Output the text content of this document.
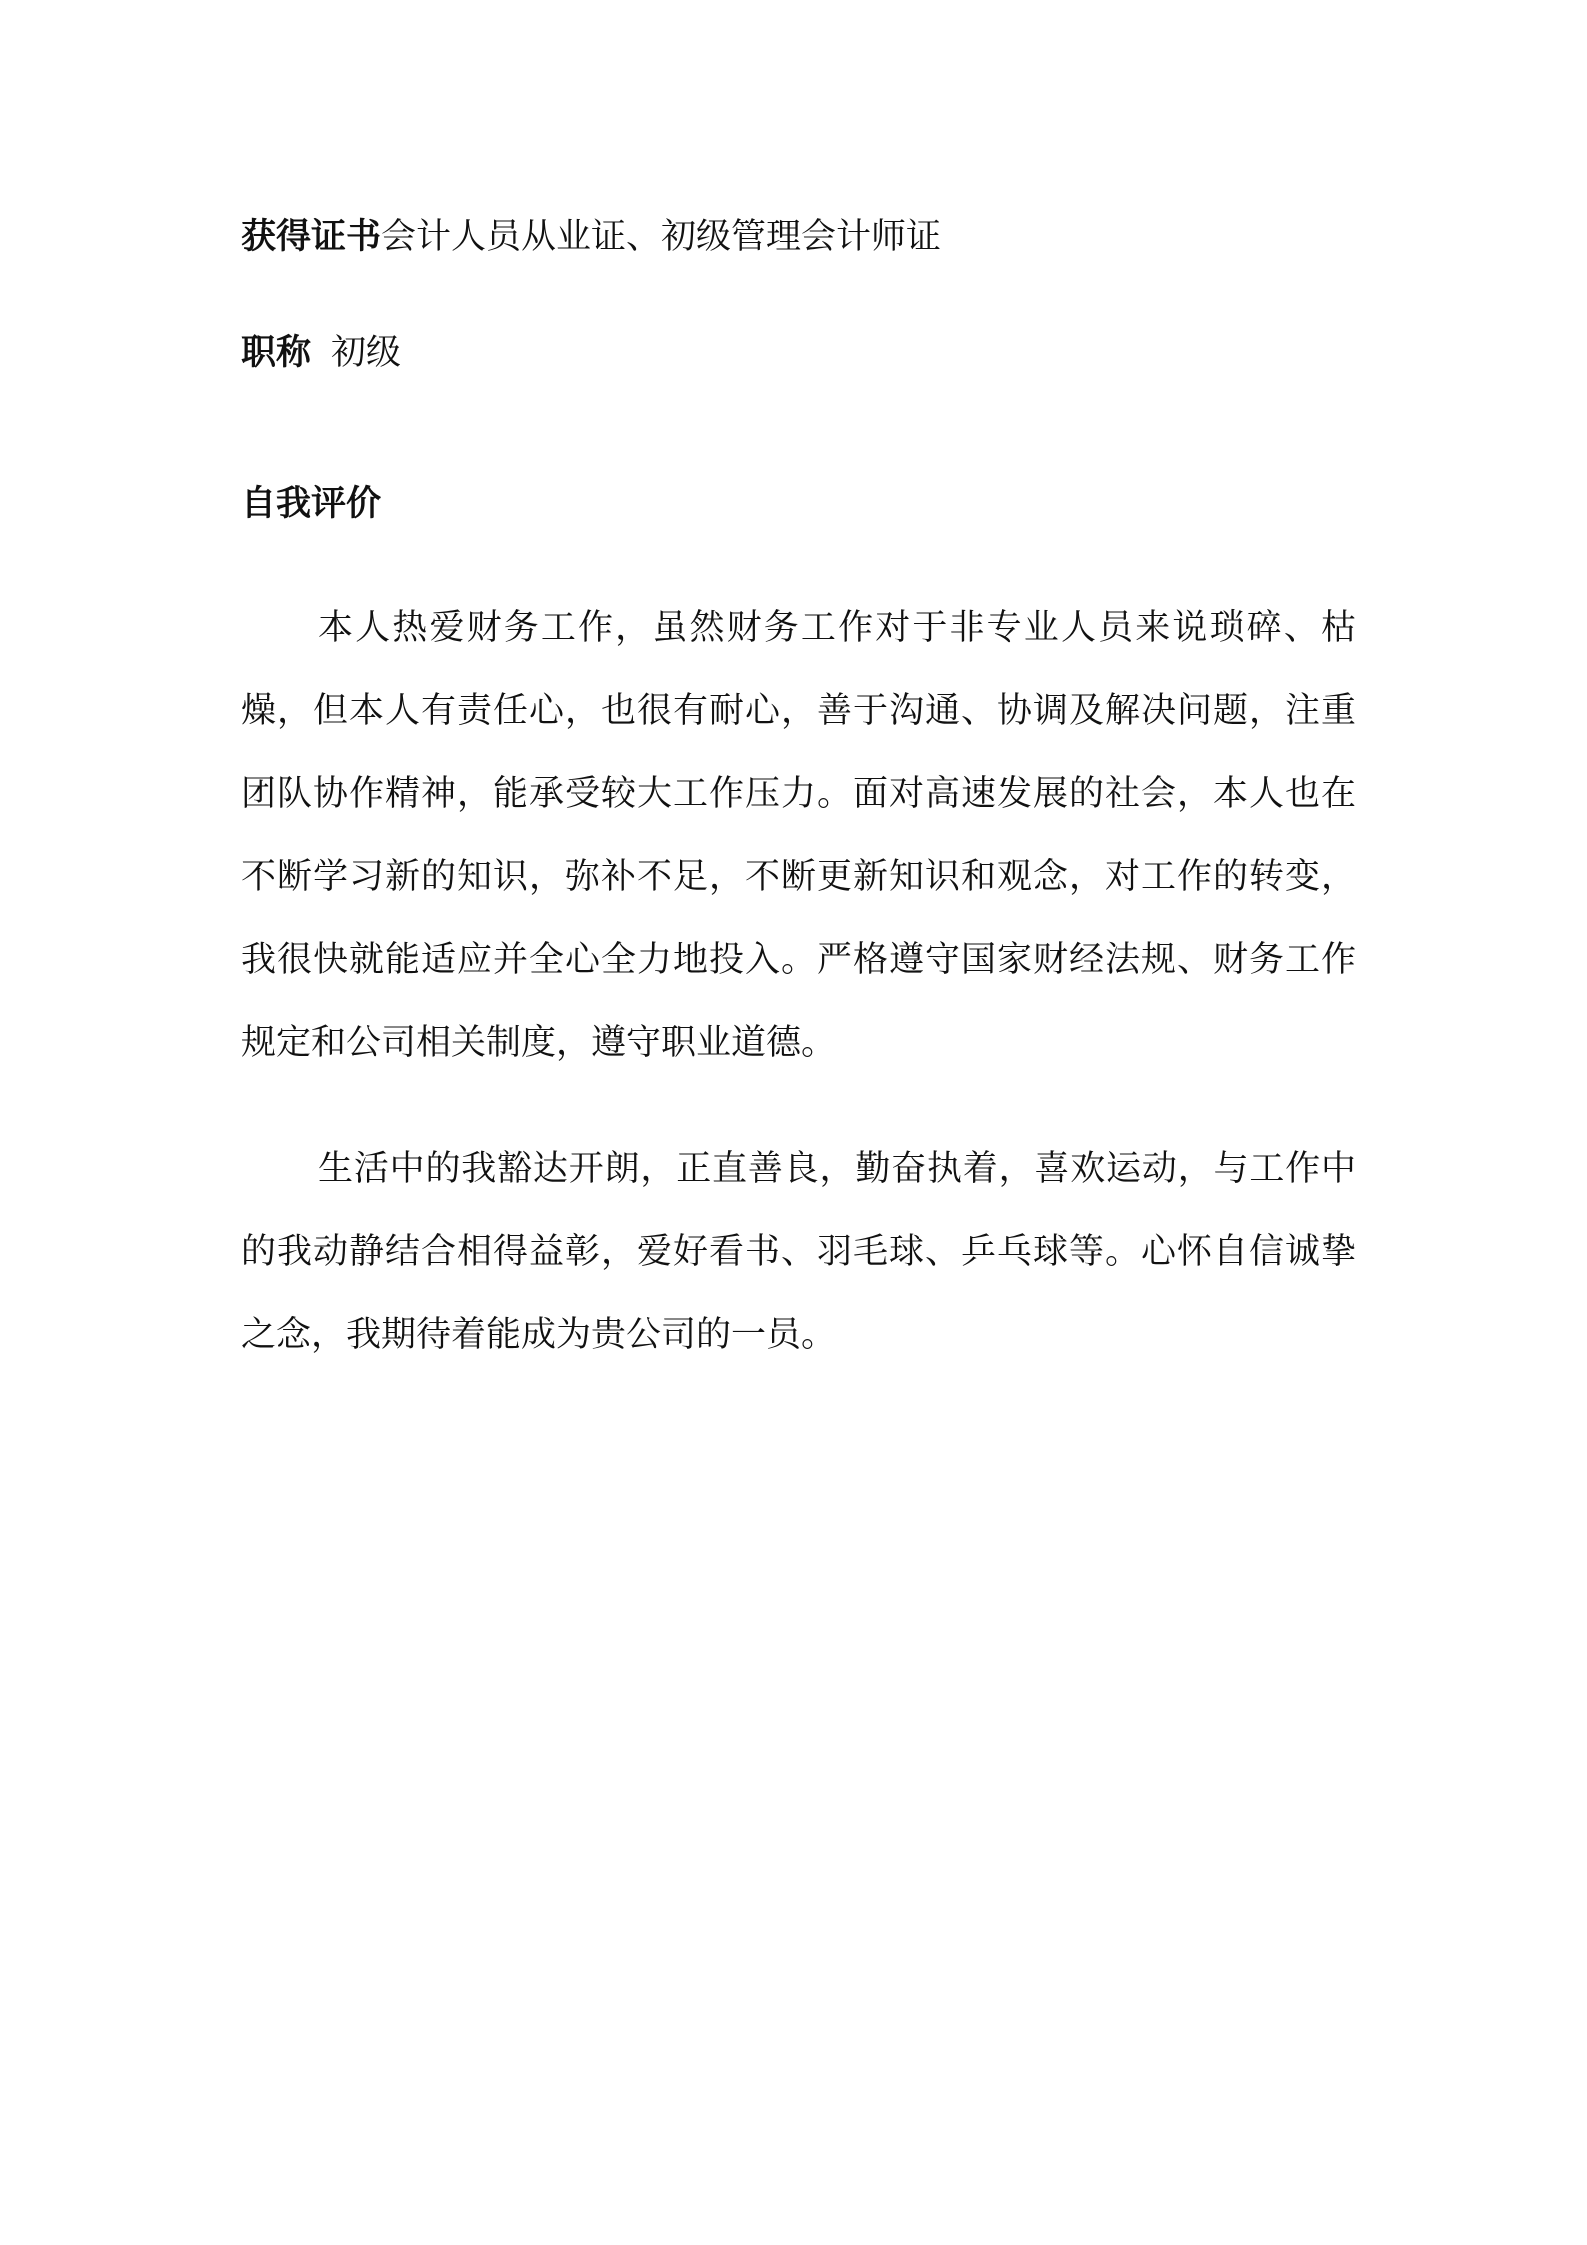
获得证书会计人员从业证、初级管理会计师证
职称 初级
自我评价

本人热爱财务工作，虽然财务工作对于非专业人员来说琐碎、枯燥，但本人有责任心，也很有耐心，善于沟通、协调及解决问题，注重团队协作精神，能承受较大工作压力。面对高速发展的社会，本人也在不断学习新的知识，弥补不足，不断更新知识和观念，对工作的转变，我很快就能适应并全心全力地投入。严格遵守国家财经法规、财务工作规定和公司相关制度，遵守职业道德。

生活中的我豁达开朗，正直善良，勤奋执着，喜欢运动，与工作中的我动静结合相得益彰，爱好看书、羽毛球、乒乓球等。心怀自信诚挚之念，我期待着能成为贵公司的一员。
